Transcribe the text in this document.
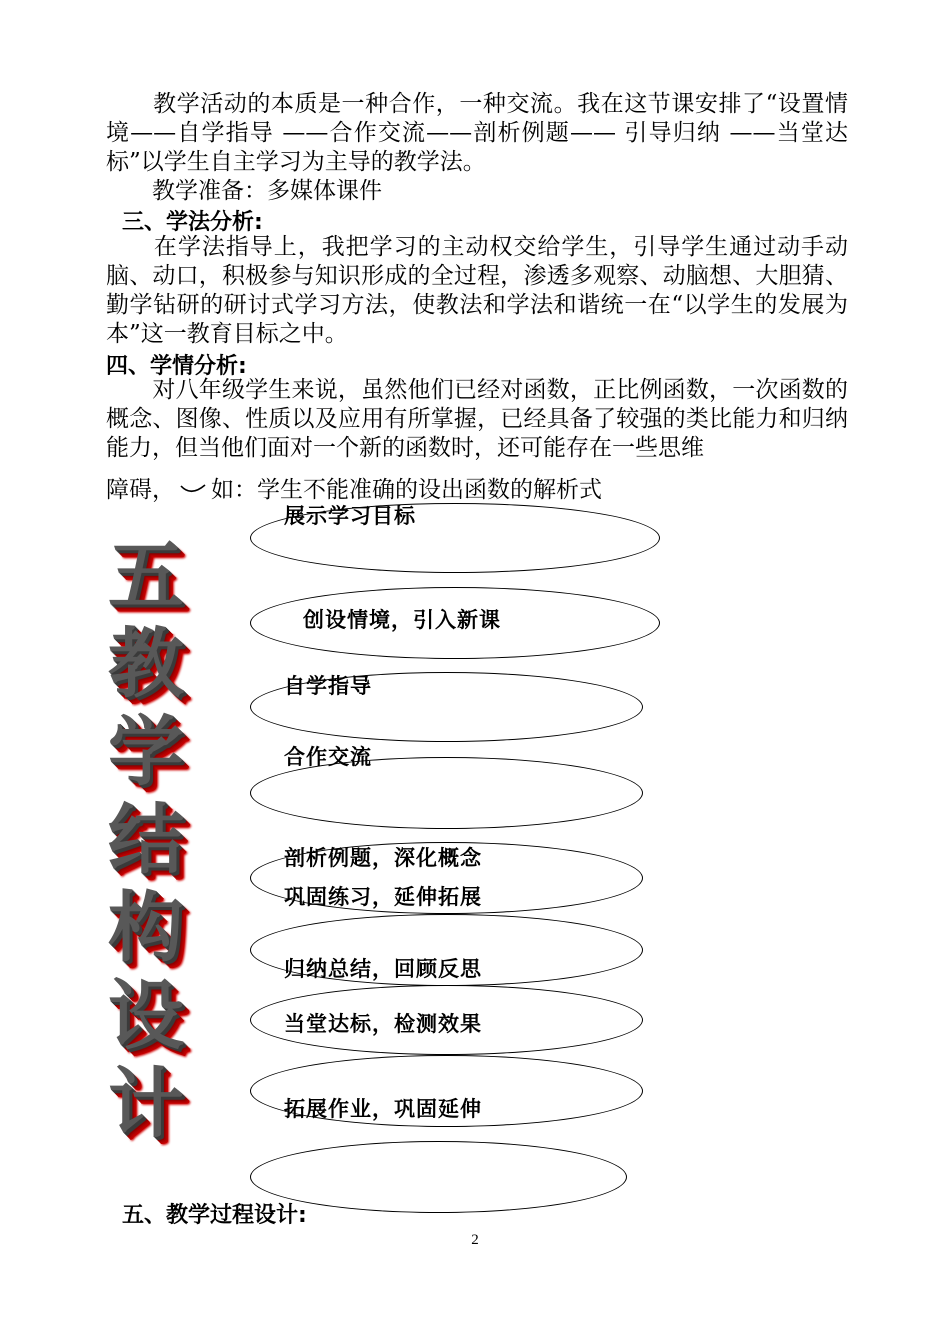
　　教学活动的本质是一种合作，一种交流。我在这节课安排了“设置情境——自学指导 ——合作交流——剖析例题—— 引导归纳 ——当堂达标”以学生自主学习为主导的教学法。

　　教学准备：多媒体课件

三、学法分析:

　　在学法指导上，我把学习的主动权交给学生，引导学生通过动手动脑、动口，积极参与知识形成的全过程，渗透多观察、动脑想、大胆猜、勤学钻研的研讨式学习方法，使教法和学法和谐统一在“以学生的发展为本”这一教育目标之中。

四、学情分析:

　　对八年级学生来说，虽然他们已经对函数，正比例函数，一次函数的概念、图像、性质以及应用有所掌握，已经具备了较强的类比能力和归纳能力，但当他们面对一个新的函数时，还可能存在一些思维

障碍， 如：学生不能准确的设出函数的解析式

五
教
学
结
构
设
计
展示学习目标
创设情境，引入新课
自学指导
合作交流
剖析例题，深化概念
巩固练习，延伸拓展
归纳总结，回顾反思
当堂达标，检测效果
拓展作业，巩固延伸
五、教学过程设计:
2
